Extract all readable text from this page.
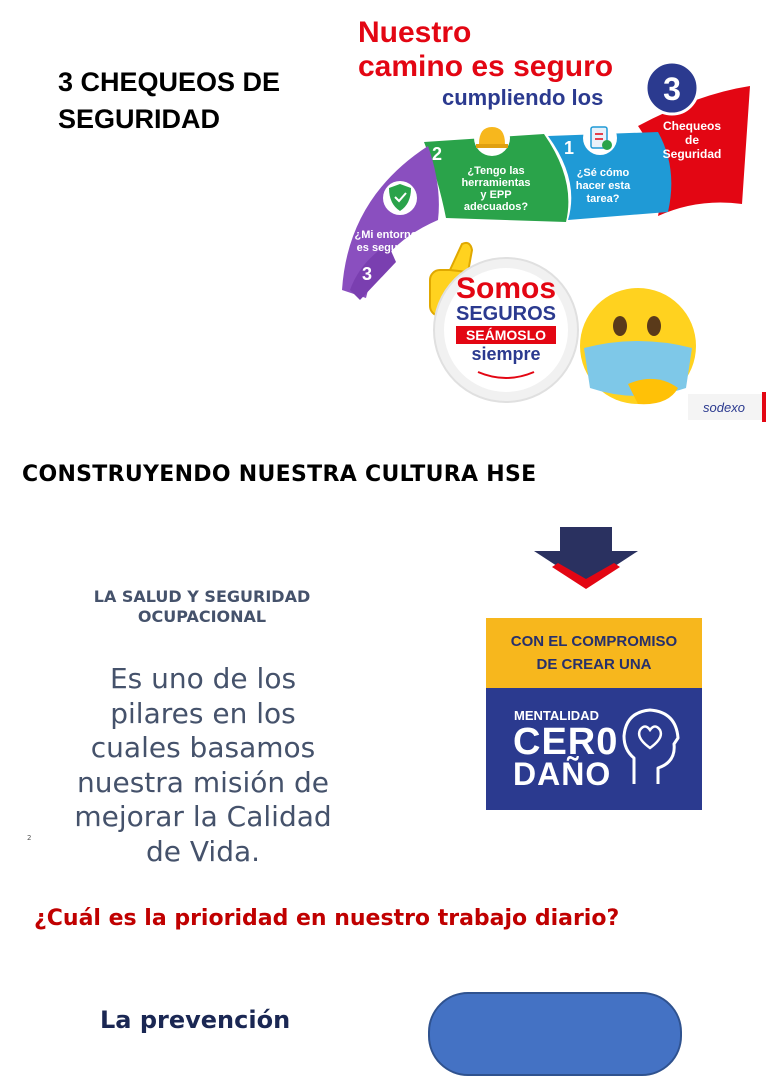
3 CHEQUEOS DE SEGURIDAD
Nuestro
camino es seguro
cumpliendo los 3
Chequeos
de
Seguridad
1
¿Sé cómo
hacer esta
tarea?
2
¿Tengo las
herramientas
y EPP
adecuados?
¿Mi entorno
es seguro?
3	Somos
SEGUROS
SEÁMOSLO
siempre
sodexo
CONSTRUYENDO NUESTRA CULTURA HSE
LA SALUD Y SEGURIDAD
OCUPACIONAL
Es uno de los
pilares en los
cuales basamos
nuestra misión de
mejorar la Calidad
de Vida.
2
CON EL COMPROMISO
DE CREAR UNA
MENTALIDAD
CER0
DAÑO
¿Cuál es la prioridad en nuestro trabajo diario?
La prevención
